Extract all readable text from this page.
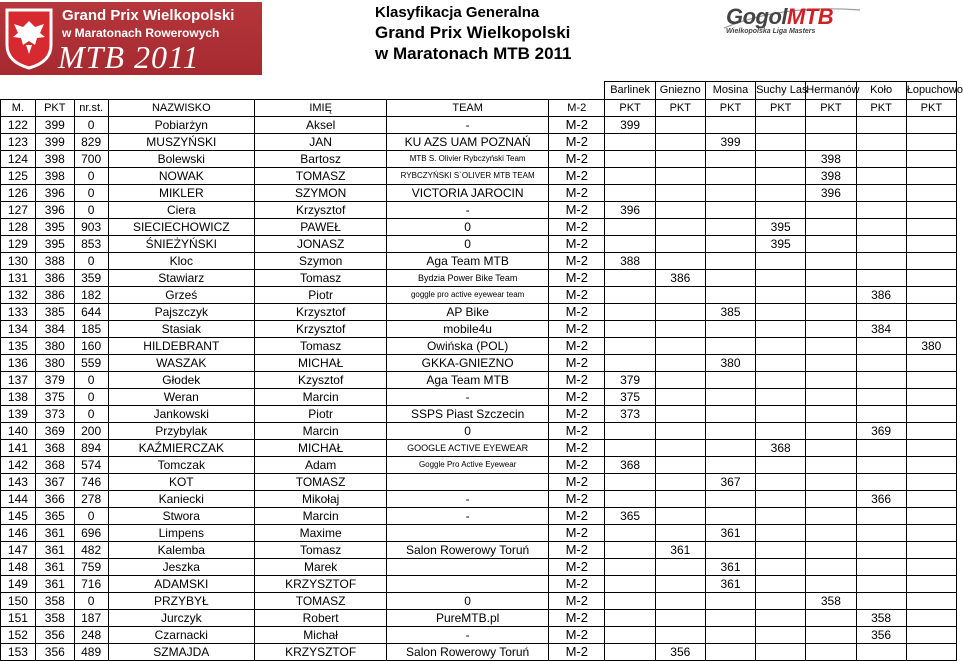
Grand Prix Wielkopolski
w Maratonach Rowerowych
MTB 2011
Klasyfikacja Generalna
Grand Prix Wielkopolski
w Maratonach MTB 2011
GogolMTB
Wielkopolska Liga Masters
							Barlinek	Gniezno	Mosina	Suchy Las	Hermanów	Koło	Łopuchowo
M.	PKT	nr.st.	NAZWISKO	IMIĘ	TEAM	M-2	PKT	PKT	PKT	PKT	PKT	PKT	PKT
122	399	0	Pobiarżyn	Aksel	-	M-2	399						
123	399	829	MUSZYŃSKI	JAN	KU AZS UAM POZNAŃ	M-2			399				
124	398	700	Bolewski	Bartosz	MTB S. Olivier Rybczyński Team	M-2					398		
125	398	0	NOWAK	TOMASZ	RYBCZYŃSKI S`OLIVER MTB TEAM	M-2					398		
126	396	0	MIKLER	SZYMON	VICTORIA JAROCIN	M-2					396		
127	396	0	Ciera	Krzysztof	-	M-2	396						
128	395	903	SIECIECHOWICZ	PAWEŁ	0	M-2				395			
129	395	853	ŚNIEŻYŃSKI	JONASZ	0	M-2				395			
130	388	0	Kloc	Szymon	Aga Team MTB	M-2	388						
131	386	359	Stawiarz	Tomasz	Bydzia Power Bike Team	M-2		386					
132	386	182	Grześ	Piotr	goggle pro active eyewear team	M-2						386	
133	385	644	Pajszczyk	Krzysztof	AP Bike	M-2			385				
134	384	185	Stasiak	Krzysztof	mobile4u	M-2						384	
135	380	160	HILDEBRANT	Tomasz	Owińska (POL)	M-2							380
136	380	559	WASZAK	MICHAŁ	GKKA-GNIEZNO	M-2			380				
137	379	0	Głodek	Kzysztof	Aga Team MTB	M-2	379						
138	375	0	Weran	Marcin	-	M-2	375						
139	373	0	Jankowski	Piotr	SSPS Piast Szczecin	M-2	373						
140	369	200	Przybylak	Marcin	0	M-2						369	
141	368	894	KAŹMIERCZAK	MICHAŁ	GOOGLE ACTIVE EYEWEAR	M-2				368			
142	368	574	Tomczak	Adam	Goggle Pro Active Eyewear	M-2	368						
143	367	746	KOT	TOMASZ		M-2			367				
144	366	278	Kaniecki	Mikołaj	-	M-2						366	
145	365	0	Stwora	Marcin	-	M-2	365						
146	361	696	Limpens	Maxime		M-2			361				
147	361	482	Kalemba	Tomasz	Salon Rowerowy Toruń	M-2		361					
148	361	759	Jeszka	Marek		M-2			361				
149	361	716	ADAMSKI	KRZYSZTOF		M-2			361				
150	358	0	PRZYBYŁ	TOMASZ	0	M-2					358		
151	358	187	Jurczyk	Robert	PureMTB.pl	M-2						358	
152	356	248	Czarnacki	Michał	-	M-2						356	
153	356	489	SZMAJDA	KRZYSZTOF	Salon Rowerowy Toruń	M-2		356					
